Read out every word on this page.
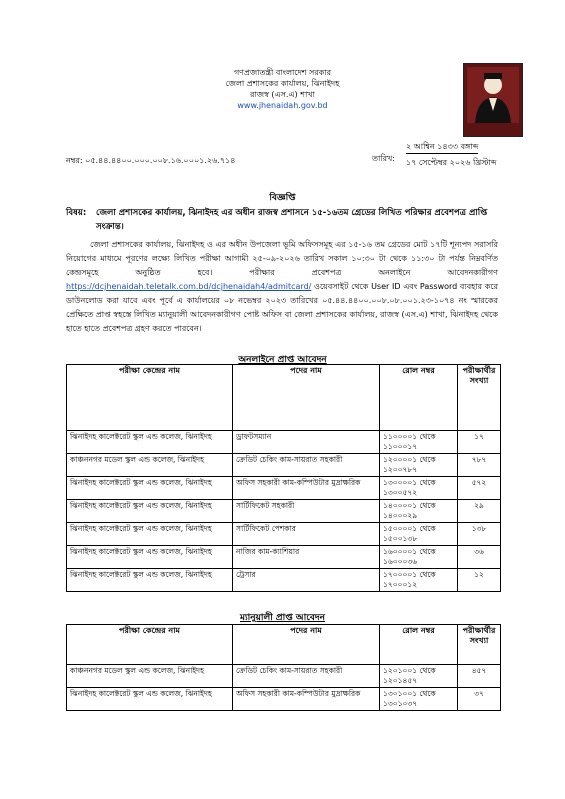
গণপ্রজাতন্ত্রী বাংলাদেশ সরকার
জেলা প্রশাসকের কার্যালয়, ঝিনাইদহ
রাজস্ব (এস.এ) শাখা
www.jhenaidah.gov.bd
নম্বর: ০৫.৪৪.৪৪০০.০০০.০০৮.১৬.০০০১.২৬.৭১৪	তারিখ:
২ আশ্বিন ১৪৩৩ বঙ্গাব্দ
১৭ সেপ্টেম্বর ২০২৬ খ্রিস্টাব্দ
বিজ্ঞপ্তি
বিষয়:	জেলা প্রশাসকের কার্যালয়, ঝিনাইদহ এর অধীন রাজস্ব প্রশাসনে ১৫-১৬তম গ্রেডের লিখিত পরিক্ষার প্রবেশপত্র প্রাপ্তি সংক্রান্ত।
জেলা প্রশাসকের কার্যালয়, ঝিনাইদহ ও এর অধীন উপজেলা ভূমি অফিসসমূহ এর ১৫-১৬ তম গ্রেডের মোট ১৭টি শূন্যপদ সরাসরি নিয়োগের মাধ্যমে পূরণের লক্ষ্যে লিখিত পরীক্ষা আগামী ২৫-০৯-২০২৬ তারিখ সকাল ১০:৩০ টা থেকে ১১:৩০ টা পর্যন্ত নিম্নবর্ণিত কেন্দ্রসমূহে অনুষ্ঠিত হবে। পরীক্ষার প্রবেশপত্র অনলাইনে আবেদনকারীগণ https://dcjhenaidah.teletalk.com.bd/dcjhenaidah4/admitcard/ ওয়েবসাইট থেকে User ID এবং Password ব্যবহার করে ডাউনলোড করা যাবে এবং পূর্বে এ কার্যালয়ের ০৮ নভেম্বর ২০২৩ তারিখের ০৫.৪৪.৪৪০০.০০৮.০৮.০০১.২৩-১০৭৪ নং স্মারকের প্রেক্ষিতে প্রাপ্ত স্বহস্তে লিখিত ম্যানুয়ালী আবেদনকারীগণ পোষ্ট অফিস বা জেলা প্রশাসকের কার্যালয়, রাজস্ব (এস.এ) শাখা, ঝিনাইদহ থেকে হাতে হাতে প্রবেশপত্র গ্রহণ করতে পারবেন।
অনলাইনে প্রাপ্ত আবেদন
পরীক্ষা কেন্দ্রের নাম	পদের নাম	রোল নম্বর	পরীক্ষার্থীর সংখ্যা
ঝিনাইদহ কালেক্টরেট স্কুল এন্ড কলেজ, ঝিনাইদহ	ড্রাফটসম্যান	১১০০০০১ থেকে ১১০০০১৭	১৭
কাঞ্চননগর মডেল স্কুল এন্ড কলেজ, ঝিনাইদহ	ক্রেডিট চেকিং কাম-সায়রাত সহকারী	১২০০০০১ থেকে ১২০০৭৮৭	৭৮৭
ঝিনাইদহ কালেক্টরেট স্কুল এন্ড কলেজ, ঝিনাইদহ	অফিস সহকারী কাম-কম্পিউটার মুদ্রাক্ষরিক	১৩০০০০১ থেকে ১৩০০৫৭২	৫৭২
ঝিনাইদহ কালেক্টরেট স্কুল এন্ড কলেজ, ঝিনাইদহ	সার্টিফিকেট সহকারী	১৪০০০০১ থেকে ১৪০০০২৯	২৯
ঝিনাইদহ কালেক্টরেট স্কুল এন্ড কলেজ, ঝিনাইদহ	সার্টিফিকেট পেশকার	১৫০০০০১ থেকে ১৫০০১৩৮	১৩৮
ঝিনাইদহ কালেক্টরেট স্কুল এন্ড কলেজ, ঝিনাইদহ	নাজির কাম-ক্যাশিয়ার	১৬০০০০১ থেকে ১৬০০০৩৬	৩৬
ঝিনাইদহ কালেক্টরেট স্কুল এন্ড কলেজ, ঝিনাইদহ	ট্রেসার	১৭০০০০১ থেকে ১৭০০০১২	১২
ম্যানুয়ালী প্রাপ্ত আবেদন
পরীক্ষা কেন্দ্রের নাম	পদের নাম	রোল নম্বর	পরীক্ষার্থীর সংখ্যা
কাঞ্চননগর মডেল স্কুল এন্ড কলেজ, ঝিনাইদহ	ক্রেডিট চেকিং কাম-সায়রাত সহকারী	১২০১০০১ থেকে ১২০১৪৫৭	৪৫৭
ঝিনাইদহ কালেক্টরেট স্কুল এন্ড কলেজ, ঝিনাইদহ	অফিস সহকারী কাম-কম্পিউটার মুদ্রাক্ষরিক	১৩০১০০১ থেকে ১৩০১০৩৭	৩৭
